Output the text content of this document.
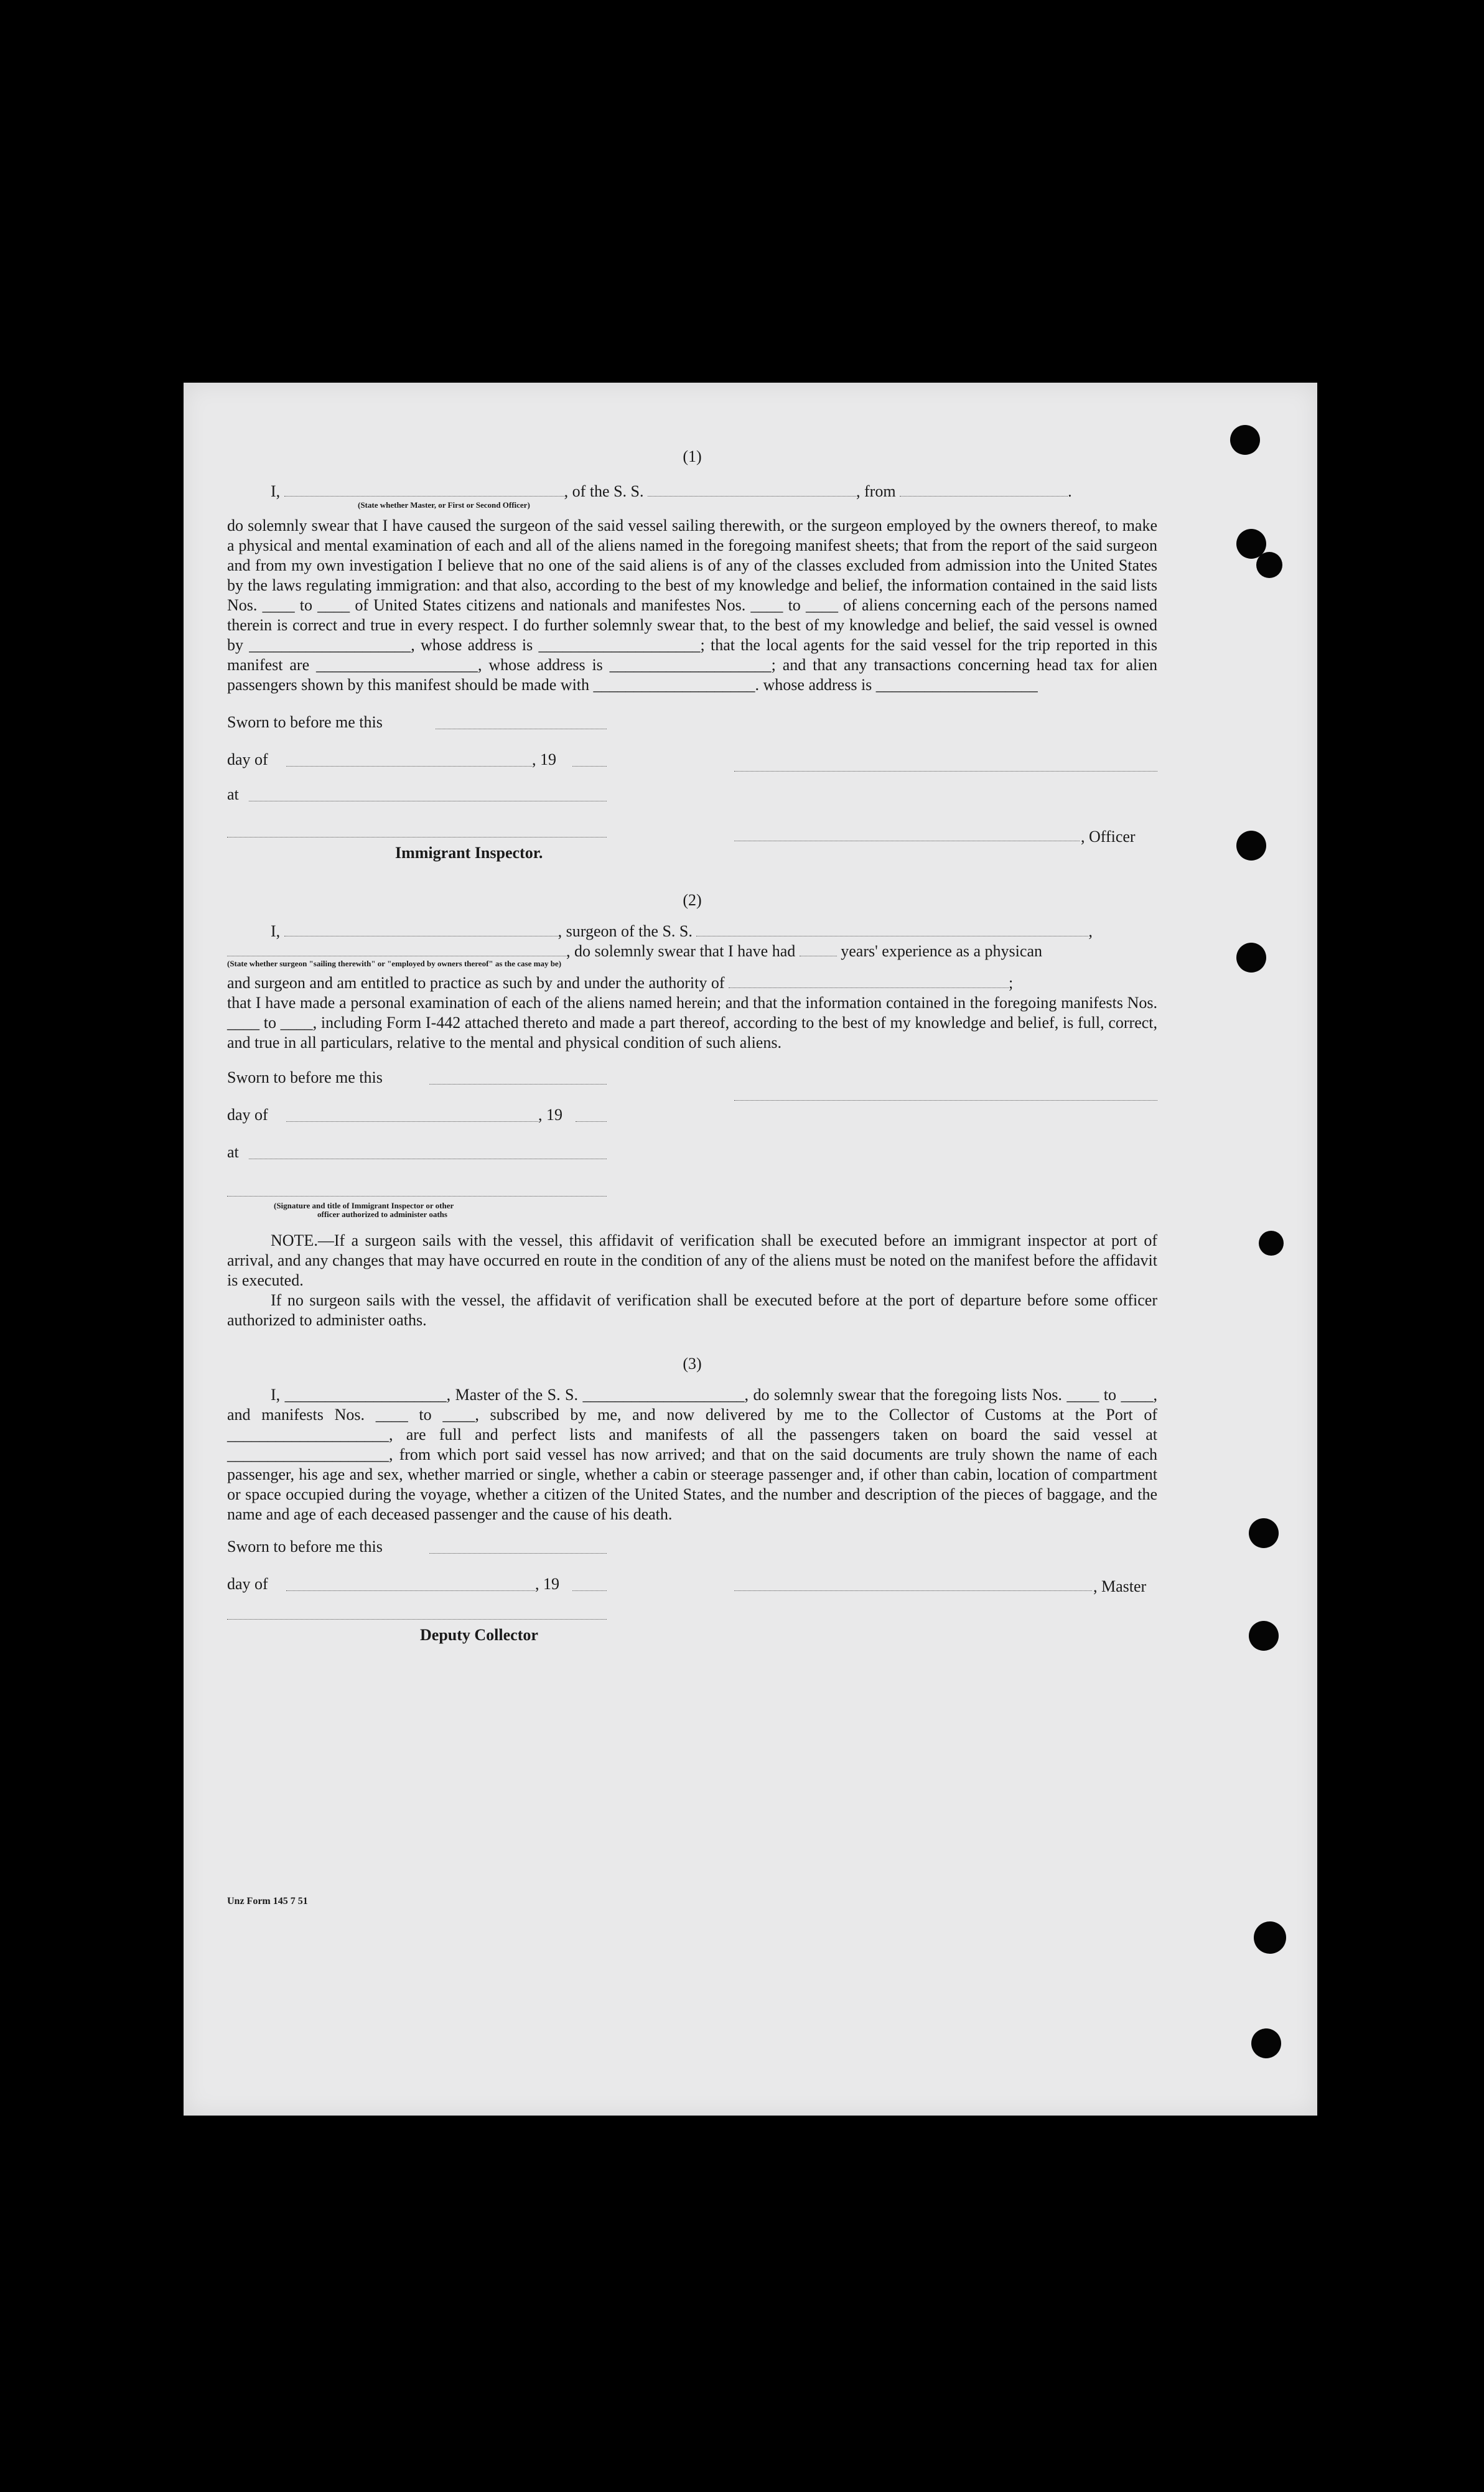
(1)

I,	, of the S. S.	, from	.
(State whether Master, or First or Second Officer)

do solemnly swear that I have caused the surgeon of the said vessel sailing therewith, or the surgeon employed by the owners thereof, to make a physical and mental examination of each and all of the aliens named in the foregoing manifest sheets; that from the report of the said surgeon and from my own investigation I believe that no one of the said aliens is of any of the classes excluded from admission into the United States by the laws regulating immigration: and that also, according to the best of my knowledge and belief, the information contained in the said lists Nos. ____ to ____ of United States citizens and nationals and manifestes Nos. ____ to ____ of aliens concerning each of the persons named therein is correct and true in every respect. I do further solemnly swear that, to the best of my knowledge and belief, the said vessel is owned by ____________________, whose address is ____________________; that the local agents for the said vessel for the trip reported in this manifest are ____________________, whose address is ____________________; and that any transactions concerning head tax for alien passengers shown by this manifest should be made with ____________________. whose address is ____________________

Sworn to before me this
day of	, 19
at
, Officer
Immigrant Inspector.

(2)

I,	, surgeon of the S. S.	,
, do solemnly swear that I have had	years' experience as a physican
(State whether surgeon "sailing therewith" or "employed by owners thereof" as the case may be)
and surgeon and am entitled to practice as such by and under the authority of	;

that I have made a personal examination of each of the aliens named herein; and that the information contained in the foregoing manifests Nos. ____ to ____, including Form I-442 attached thereto and made a part thereof, according to the best of my knowledge and belief, is full, correct, and true in all particulars, relative to the mental and physical condition of such aliens.

Sworn to before me this
day of	, 19
at
(Signature and title of Immigrant Inspector or other
officer authorized to administer oaths

NOTE.—If a surgeon sails with the vessel, this affidavit of verification shall be executed before an immigrant inspector at port of arrival, and any changes that may have occurred en route in the condition of any of the aliens must be noted on the manifest before the affidavit is executed.

If no surgeon sails with the vessel, the affidavit of verification shall be executed before at the port of departure before some officer authorized to administer oaths.

(3)

I, ____________________, Master of the S. S. ____________________, do solemnly swear that the foregoing lists Nos. ____ to ____, and manifests Nos. ____ to ____, subscribed by me, and now delivered by me to the Collector of Customs at the Port of ____________________, are full and perfect lists and manifests of all the passengers taken on board the said vessel at ____________________, from which port said vessel has now arrived; and that on the said documents are truly shown the name of each passenger, his age and sex, whether married or single, whether a cabin or steerage passenger and, if other than cabin, location of compartment or space occupied during the voyage, whether a citizen of the United States, and the number and description of the pieces of baggage, and the name and age of each deceased passenger and the cause of his death.

Sworn to before me this
day of	, 19	, Master
Deputy Collector
Unz Form 145 7 51
